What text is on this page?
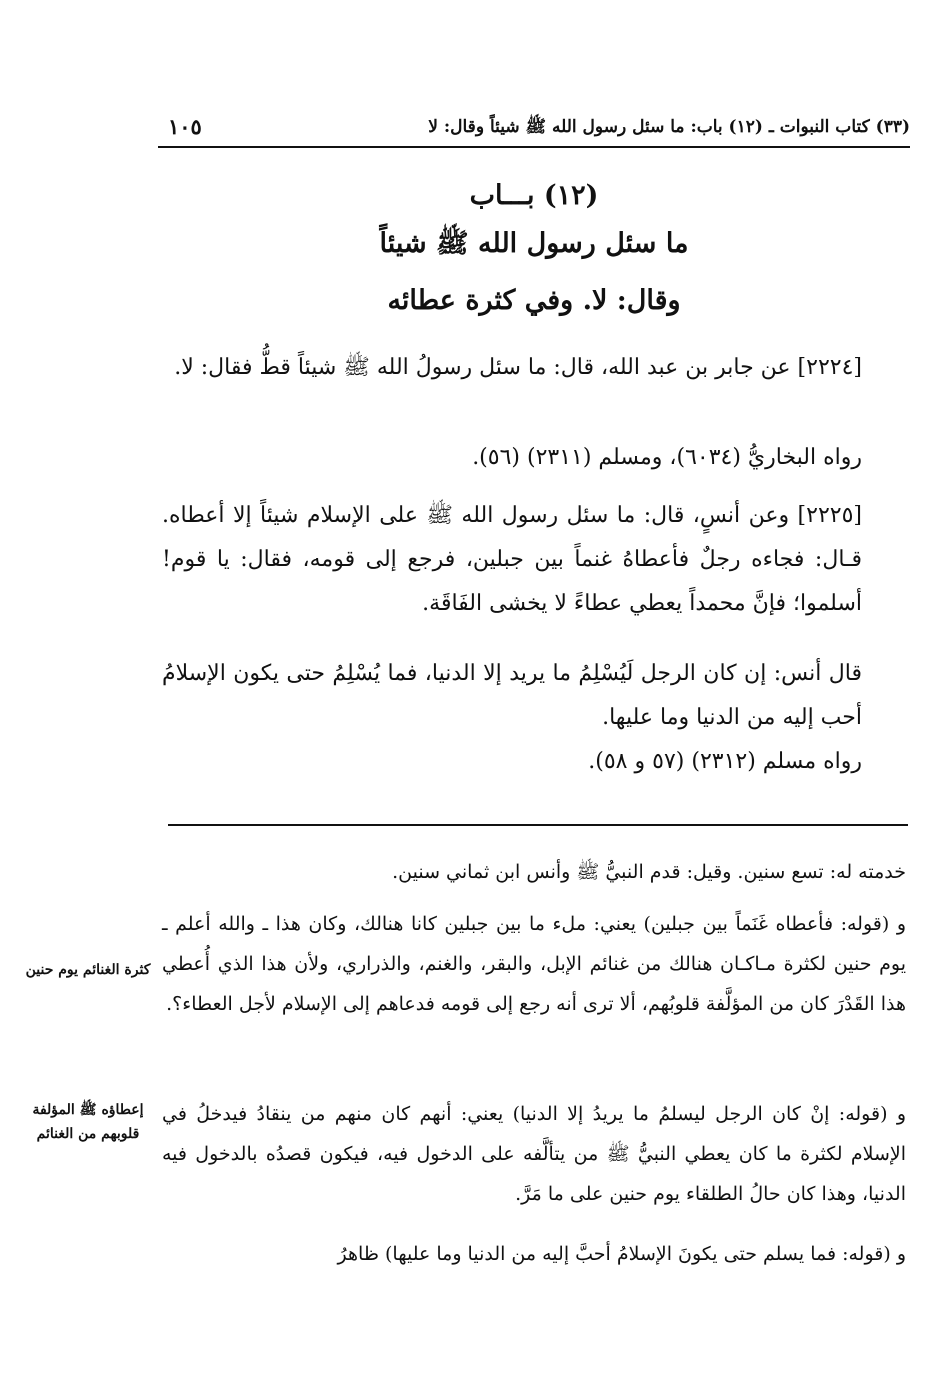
(٣٣) كتاب النبوات ـ (١٢) باب: ما سئل رسول الله ﷺ شيئاً وقال: لا
١٠٥
(١٢) بـــاب
ما سئل رسول الله ﷺ شيئاً
وقال: لا. وفي كثرة عطائه

[٢٢٢٤] عن جابر بن عبد الله، قال: ما سئل رسولُ الله ﷺ شيئاً قطُّ فقال: لا.

رواه البخاريُّ (٦٠٣٤)، ومسلم (٢٣١١) (٥٦).

[٢٢٢٥] وعن أنسٍ، قال: ما سئل رسول الله ﷺ على الإسلام شيئاً إلا أعطاه. قـال: فجاءه رجلٌ فأعطاهُ غنماً بين جبلين، فرجع إلى قومه، فقال: يا قوم! أسلموا؛ فإنَّ محمداً يعطي عطاءً لا يخشى الفَاقَة.

قال أنس: إن كان الرجل لَيُسْلِمُ ما يريد إلا الدنيا، فما يُسْلِمُ حتى يكون الإسلامُ أحب إليه من الدنيا وما عليها.

رواه مسلم (٢٣١٢) (٥٧ و ٥٨).

خدمته له: تسع سنين. وقيل: قدم النبيُّ ﷺ وأنس ابن ثماني سنين.

و (قوله: فأعطاه غَنَماً بين جبلين) يعني: ملء ما بين جبلين كانا هنالك، وكان هذا ـ والله أعلم ـ يوم حنين لكثرة مـاكـان هنالك من غنائم الإبل، والبقر، والغنم، والذراري، ولأن هذا الذي أُعطي هذا القَدْرَ كان من المؤلَّفة قلوبُهم، ألا ترى أنه رجع إلى قومه فدعاهم إلى الإسلام لأجل العطاء؟.

و (قوله: إنْ كان الرجل ليسلمُ ما يريدُ إلا الدنيا) يعني: أنهم كان منهم من ينقادُ فيدخلُ في الإسلام لكثرة ما كان يعطي النبيُّ ﷺ من يتألَّفه على الدخول فيه، فيكون قصدُه بالدخول فيه الدنيا، وهذا كان حالُ الطلقاء يوم حنين على ما مَرَّ.

و (قوله: فما يسلم حتى يكونَ الإسلامُ أحبَّ إليه من الدنيا وما عليها) ظاهرُ

كثرة الغنائم يوم حنين
إعطاؤه ﷺ المؤلفة قلوبهم من الغنائم
